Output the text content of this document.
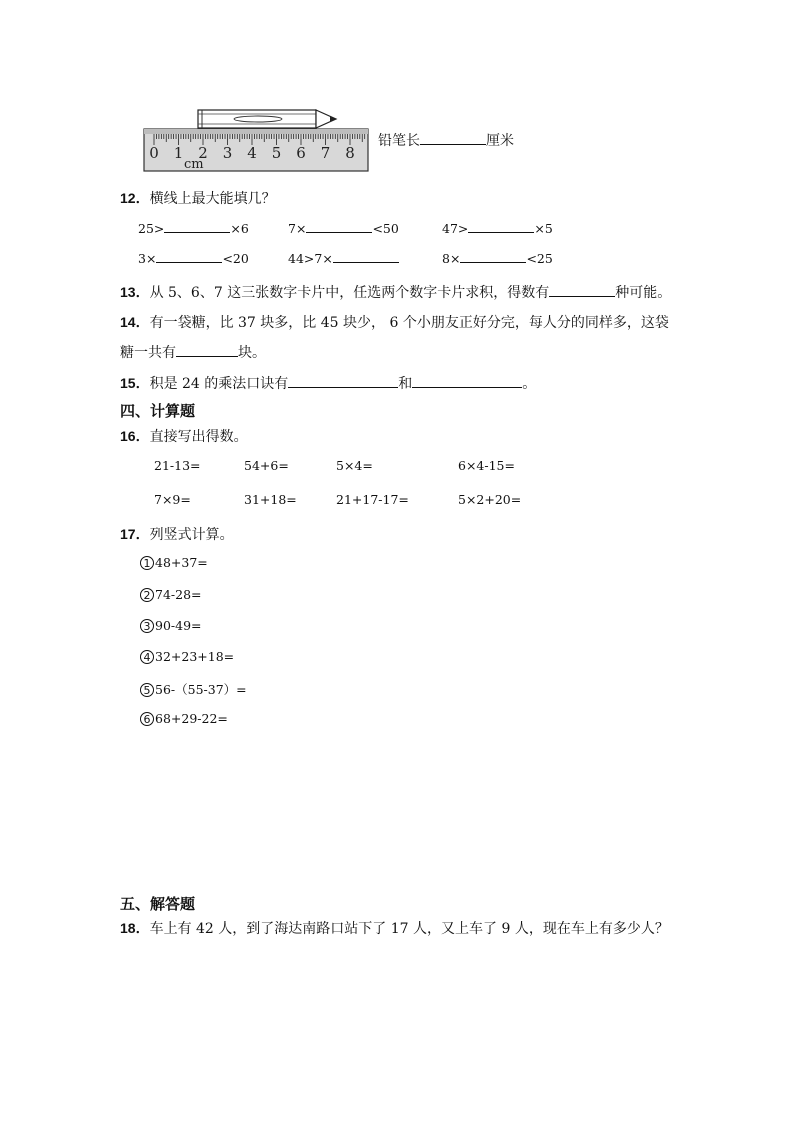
0 1 2 3 4 5 6 7 8
cm
铅笔长	厘米
12．横线上最大能填几？
25>	×6	7×	<50	47>	×5
3×	<20	44>7×	8×	<25
13．从 5、6、7 这三张数字卡片中，任选两个数字卡片求积，得数有	种可能。
14．有一袋糖，比 37 块多，比 45 块少， 6 个小朋友正好分完，每人分的同样多，这袋
糖一共有	块。
15．积是 24 的乘法口诀有	和	。
四、计算题
16．直接写出得数。
21-13=	54+6=	5×4=	6×4-15=
7×9=	31+18=	21+17-17=	5×2+20=
17．列竖式计算。
1 48+37=
2 74-28=
3 90-49=
4 32+23+18=
5 56-（55-37）=
6 68+29-22=
五、解答题
18．车上有 42 人，到了海达南路口站下了 17 人，又上车了 9 人，现在车上有多少人？
